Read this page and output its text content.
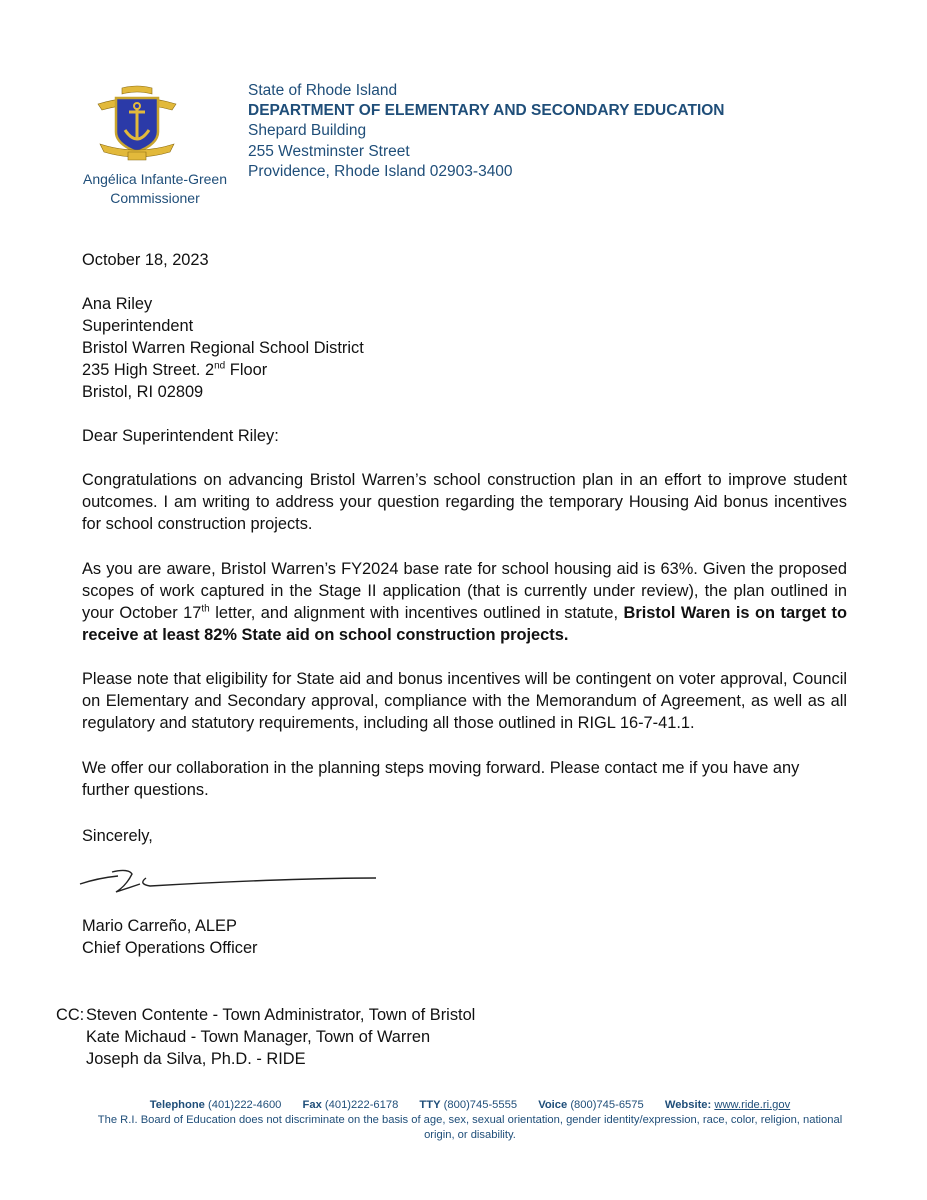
Angélica Infante-Green
Commissioner
State of Rhode Island
DEPARTMENT OF ELEMENTARY AND SECONDARY EDUCATION
Shepard Building
255 Westminster Street
Providence, Rhode Island 02903-3400
October 18, 2023
Ana Riley
Superintendent
Bristol Warren Regional School District
235 High Street. 2nd Floor
Bristol, RI 02809
Dear Superintendent Riley:

Congratulations on advancing Bristol Warren’s school construction plan in an effort to improve student outcomes. I am writing to address your question regarding the temporary Housing Aid bonus incentives for school construction projects.

As you are aware, Bristol Warren’s FY2024 base rate for school housing aid is 63%. Given the proposed scopes of work captured in the Stage II application (that is currently under review), the plan outlined in your October 17th letter, and alignment with incentives outlined in statute, Bristol Waren is on target to receive at least 82% State aid on school construction projects.

Please note that eligibility for State aid and bonus incentives will be contingent on voter approval, Council on Elementary and Secondary approval, compliance with the Memorandum of Agreement, as well as all regulatory and statutory requirements, including all those outlined in RIGL 16-7-41.1.

We offer our collaboration in the planning steps moving forward. Please contact me if you have any further questions.

Sincerely,
Mario Carreño, ALEP
Chief Operations Officer
CC: Steven Contente - Town Administrator, Town of Bristol
Kate Michaud - Town Manager, Town of Warren
Joseph da Silva, Ph.D. - RIDE
Telephone (401)222-4600 Fax (401)222-6178 TTY (800)745-5555 Voice (800)745-6575 Website: www.ride.ri.gov
The R.I. Board of Education does not discriminate on the basis of age, sex, sexual orientation, gender identity/expression, race, color, religion, national origin, or disability.
